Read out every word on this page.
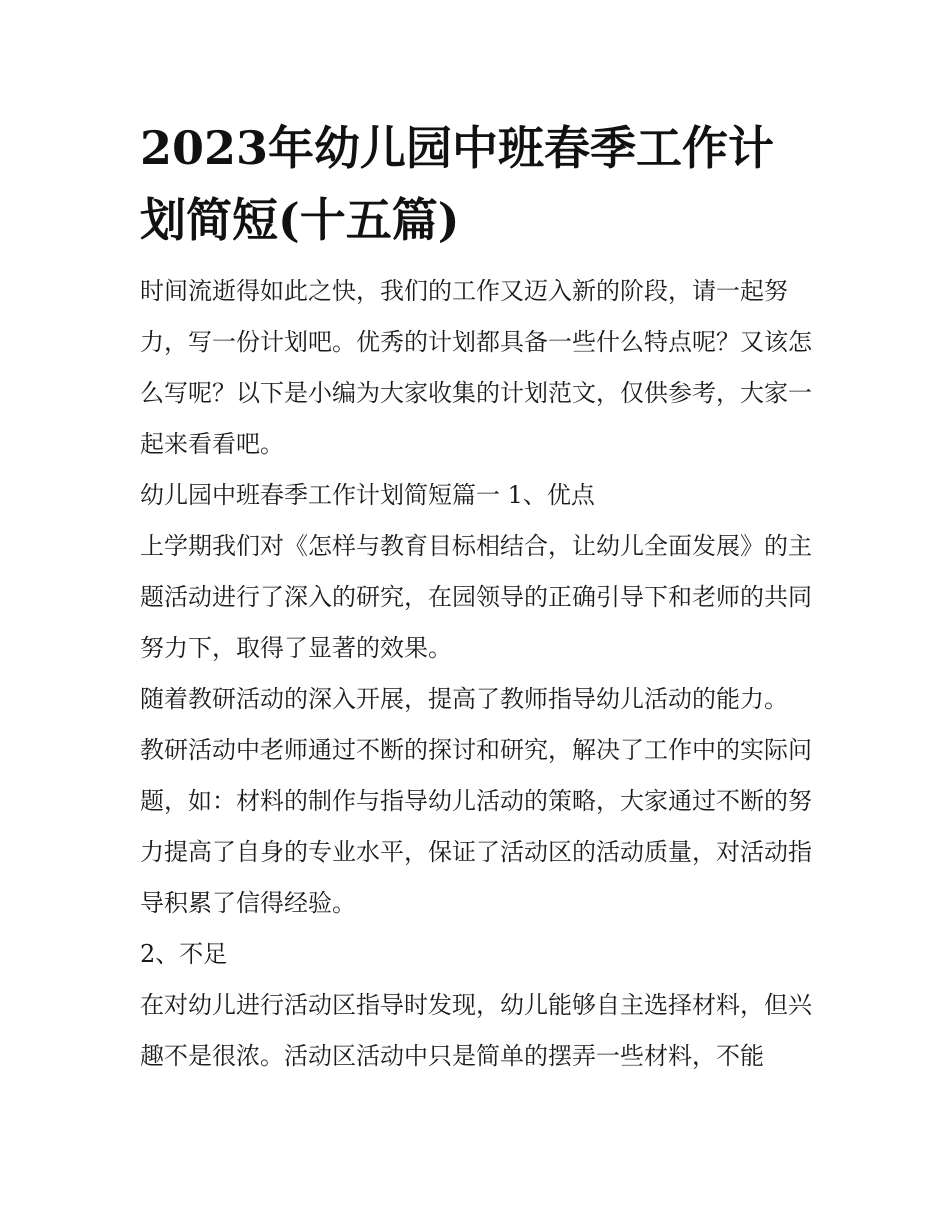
2023年幼儿园中班春季工作计划简短(十五篇)

时间流逝得如此之快，我们的工作又迈入新的阶段，请一起努力，写一份计划吧。优秀的计划都具备一些什么特点呢？又该怎么写呢？以下是小编为大家收集的计划范文，仅供参考，大家一起来看看吧。

幼儿园中班春季工作计划简短篇一 1、优点

上学期我们对《怎样与教育目标相结合，让幼儿全面发展》的主题活动进行了深入的研究，在园领导的正确引导下和老师的共同努力下，取得了显著的效果。

随着教研活动的深入开展，提高了教师指导幼儿活动的能力。

教研活动中老师通过不断的探讨和研究，解决了工作中的实际问题，如：材料的制作与指导幼儿活动的策略，大家通过不断的努力提高了自身的专业水平，保证了活动区的活动质量，对活动指导积累了信得经验。

2、不足

在对幼儿进行活动区指导时发现，幼儿能够自主选择材料，但兴趣不是很浓。活动区活动中只是简单的摆弄一些材料，不能
